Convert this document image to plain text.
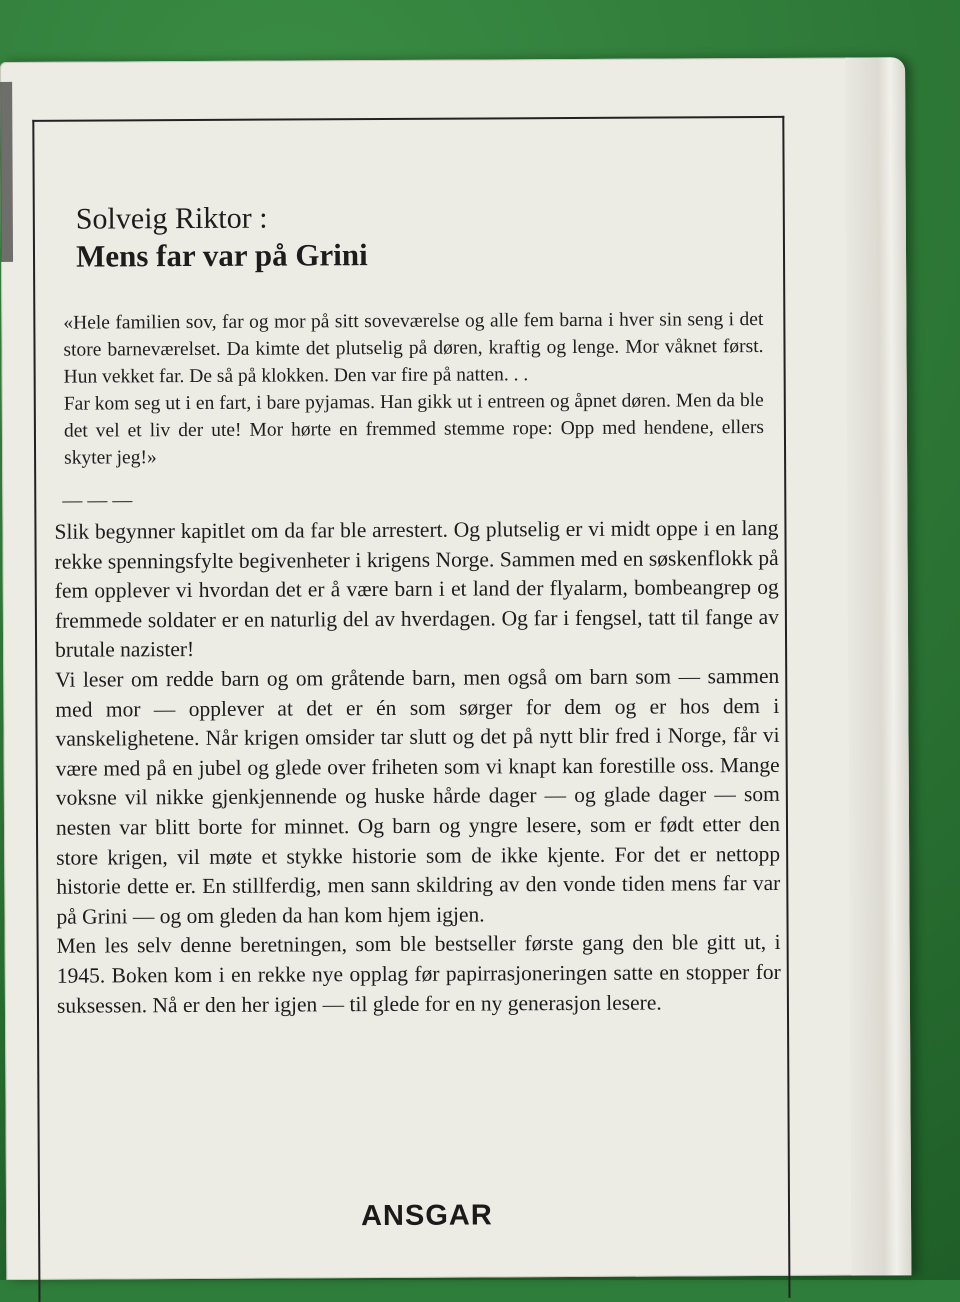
Solveig Riktor :
Mens far var på Grini

«Hele familien sov, far og mor på sitt soveværelse og alle fem barna i hver sin seng i det store barneværelset. Da kimte det plutselig på døren, kraftig og lenge. Mor våknet først. Hun vekket far. De så på klokken. Den var fire på natten. . .

Far kom seg ut i en fart, i bare pyjamas. Han gikk ut i entreen og åpnet døren. Men da ble det vel et liv der ute! Mor hørte en fremmed stemme rope: Opp med hendene, ellers skyter jeg!»

— — —

Slik begynner kapitlet om da far ble arrestert. Og plutselig er vi midt oppe i en lang rekke spenningsfylte begivenheter i krigens Norge. Sammen med en søskenflokk på fem opplever vi hvordan det er å være barn i et land der flyalarm, bombeangrep og fremmede soldater er en naturlig del av hverdagen. Og far i fengsel, tatt til fange av brutale nazister!

Vi leser om redde barn og om gråtende barn, men også om barn som — sammen med mor — opplever at det er én som sørger for dem og er hos dem i vanskelighetene. Når krigen omsider tar slutt og det på nytt blir fred i Norge, får vi være med på en jubel og glede over friheten som vi knapt kan forestille oss. Mange voksne vil nikke gjenkjennende og huske hårde dager — og glade dager — som nesten var blitt borte for minnet. Og barn og yngre lesere, som er født etter den store krigen, vil møte et stykke historie som de ikke kjente. For det er nettopp historie dette er. En stillferdig, men sann skildring av den vonde tiden mens far var på Grini — og om gleden da han kom hjem igjen.

Men les selv denne beretningen, som ble bestseller første gang den ble gitt ut, i 1945. Boken kom i en rekke nye opplag før papirrasjoneringen satte en stopper for suksessen. Nå er den her igjen — til glede for en ny generasjon lesere.

ANSGAR
